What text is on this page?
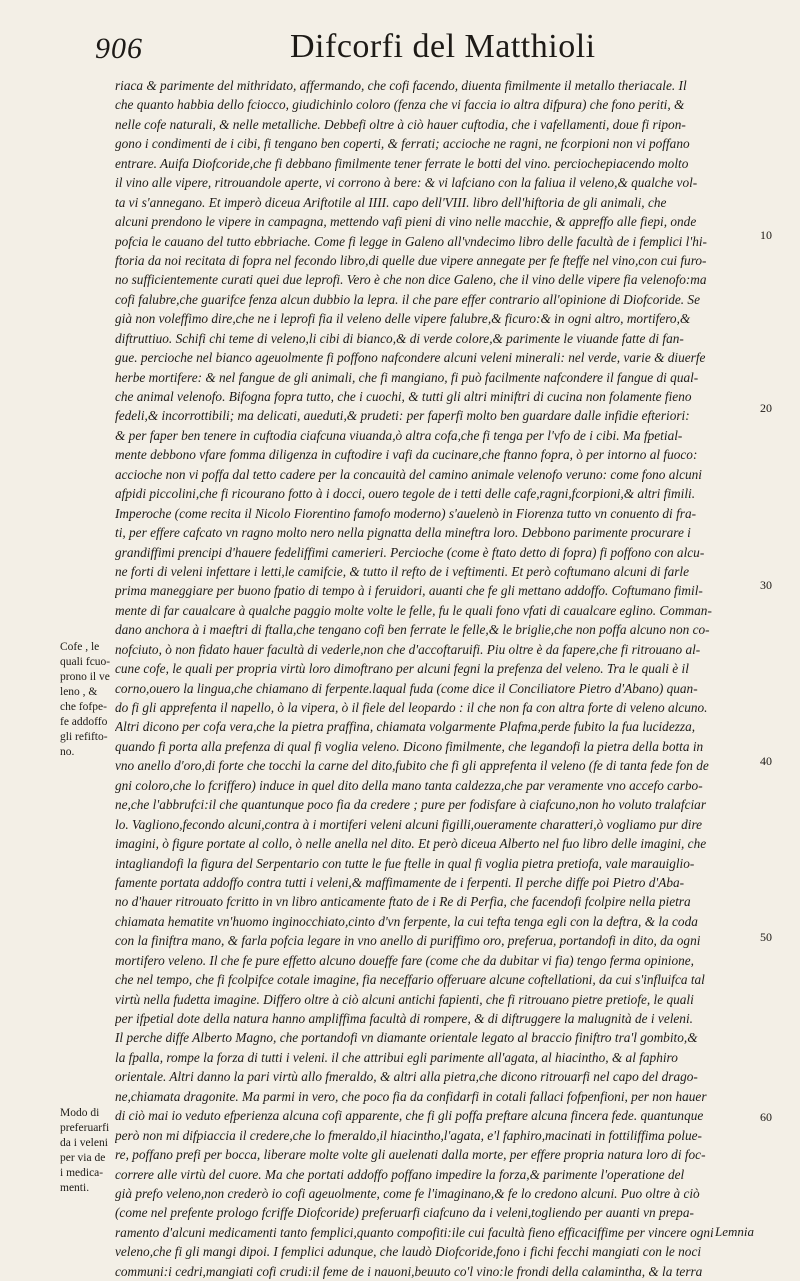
906	Difcorfi del Matthioli
riaca & parimente del mithridato, affermando, che cofi facendo, diuenta fimilmente il metallo theriacale. Il
che quanto habbia dello fciocco, giudichinlo coloro (fenza che vi faccia io altra difpura) che fono periti, &
nelle cofe naturali, & nelle metalliche. Debbefi oltre à ciò hauer cuftodia, che i vafellamenti, doue fi ripon-
gono i condimenti de i cibi, fi tengano ben coperti, & ferrati; accioche ne ragni, ne fcorpioni non vi poffano
entrare. Auifa Diofcoride,che fi debbano fimilmente tener ferrate le botti del vino. perciochepiacendo molto
il vino alle vipere, ritrouandole aperte, vi corrono à bere: & vi lafciano con la faliua il veleno,& qualche vol-
ta vi s'annegano. Et imperò diceua Ariftotile al IIII. capo dell'VIII. libro dell'hiftoria de gli animali, che
alcuni prendono le vipere in campagna, mettendo vafi pieni di vino nelle macchie, & appreffo alle fiepi, onde
pofcia le cauano del tutto ebbriache. Come fi legge in Galeno all'vndecimo libro delle facultà de i femplici l'hi-
ftoria da noi recitata di fopra nel fecondo libro,di quelle due vipere annegate per fe fteffe nel vino,con cui furo-
no sufficientemente curati quei due leprofi. Vero è che non dice Galeno, che il vino delle vipere fia velenofo:ma
cofi falubre,che guarifce fenza alcun dubbio la lepra. il che pare effer contrario all'opinione di Diofcoride. Se
già non voleffimo dire,che ne i leprofi fia il veleno delle vipere falubre,& ficuro:& in ogni altro, mortifero,&
diftruttiuo. Schifi chi teme di veleno,li cibi di bianco,& di verde colore,& parimente le viuande fatte di fan-
gue. percioche nel bianco ageuolmente fi poffono nafcondere alcuni veleni minerali: nel verde, varie & diuerfe
herbe mortifere: & nel fangue de gli animali, che fi mangiano, fi può facilmente nafcondere il fangue di qual-
che animal velenofo. Bifogna fopra tutto, che i cuochi, & tutti gli altri miniftri di cucina non folamente fieno
fedeli,& incorrottibili; ma delicati, aueduti,& prudeti: per faperfi molto ben guardare dalle infidie efteriori:
& per faper ben tenere in cuftodia ciafcuna viuanda,ò altra cofa,che fi tenga per l'vfo de i cibi. Ma fpetial-
mente debbono vfare fomma diligenza in cuftodire i vafi da cucinare,che ftanno fopra, ò per intorno al fuoco:
accioche non vi poffa dal tetto cadere per la concauità del camino animale velenofo veruno: come fono alcuni
afpidi piccolini,che fi ricourano fotto à i docci, ouero tegole de i tetti delle cafe,ragni,fcorpioni,& altri fimili.
Imperoche (come recita il Nicolo Fiorentino famofo moderno) s'auelenò in Fiorenza tutto vn conuento di fra-
ti, per effere cafcato vn ragno molto nero nella pignatta della mineftra loro. Debbono parimente procurare i
grandiffimi prencipi d'hauere fedeliffimi camerieri. Percioche (come è ftato detto di fopra) fi poffono con alcu-
ne forti di veleni infettare i letti,le camifcie, & tutto il refto de i veftimenti. Et però coftumano alcuni di farle
prima maneggiare per buono fpatio di tempo à i feruidori, auanti che fe gli mettano addoffo. Coftumano fimil-
mente di far caualcare à qualche paggio molte volte le felle, fu le quali fono vfati di caualcare eglino. Comman-
dano anchora à i maeftri di ftalla,che tengano cofi ben ferrate le felle,& le briglie,che non poffa alcuno non co-
nofciuto, ò non fidato hauer facultà di vederle,non che d'accoftaruifi. Piu oltre è da fapere,che fi ritrouano al-
cune cofe, le quali per propria virtù loro dimoftrano per alcuni fegni la prefenza del veleno. Tra le quali è il
corno,ouero la lingua,che chiamano di ferpente.laqual fuda (come dice il Conciliatore Pietro d'Abano) quan-
do fi gli apprefenta il napello, ò la vipera, ò il fiele del leopardo : il che non fa con altra forte di veleno alcuno.
Altri dicono per cofa vera,che la pietra praffina, chiamata volgarmente Plafma,perde fubito la fua lucidezza,
quando fi porta alla prefenza di qual fi voglia veleno. Dicono fimilmente, che legandofi la pietra della botta in
vno anello d'oro,di forte che tocchi la carne del dito,fubito che fi gli apprefenta il veleno (fe di tanta fede fon de
gni coloro,che lo fcriffero) induce in quel dito della mano tanta caldezza,che par veramente vno accefo carbo-
ne,che l'abbrufci:il che quantunque poco fia da credere ; pure per fodisfare à ciafcuno,non ho voluto tralafciar
lo. Vagliono,fecondo alcuni,contra à i mortiferi veleni alcuni figilli,oueramente charatteri,ò vogliamo pur dire
imagini, ò figure portate al collo, ò nelle anella nel dito. Et però diceua Alberto nel fuo libro delle imagini, che
intagliandofi la figura del Serpentario con tutte le fue ftelle in qual fi voglia pietra pretiofa, vale marauigliо-
famente portata addoffo contra tutti i veleni,& maffimamente de i ferpenti. Il perche diffe poi Pietro d'Aba-
no d'hauer ritrouato fcritto in vn libro anticamente ftato de i Re di Perfia, che facendofi fcolpire nella pietra
chiamata hematite vn'huomo inginocchiato,cinto d'vn ferpente, la cui tefta tenga egli con la deftra, & la coda
con la finiftra mano, & farla pofcia legare in vno anello di puriffimo oro, preferua, portandofi in dito, da ogni
mortifero veleno. Il che fe pure effetto alcuno doueffe fare (come che da dubitar vi fia) tengo ferma opinione,
che nel tempo, che fi fcolpifce cotale imagine, fia neceffario offeruare alcune coftellationi, da cui s'influifca tal
virtù nella fudetta imagine. Differo oltre à ciò alcuni antichi fapienti, che fi ritrouano pietre pretiofe, le quali
per ifpetial dote della natura hanno ampliffima facultà di rompere, & di diftruggere la malugnità de i veleni.
Il perche diffe Alberto Magno, che portandofi vn diamante orientale legato al braccio finiftro tra'l gombito,&
la fpalla, rompe la forza di tutti i veleni. il che attribui egli parimente all'agata, al hiacintho, & al faphiro
orientale. Altri danno la pari virtù allo fmeraldo, & altri alla pietra,che dicono ritrouarfi nel capo del drago-
ne,chiamata dragonite. Ma parmi in vero, che poco fia da confidarfi in cotali fallaci fofpenfioni, per non hauer
di ciò mai io veduto efperienza alcuna cofi apparente, che fi gli poffa preftare alcuna fincera fede. quantunque
però non mi difpiaccia il credere,che lo fmeraldo,il hiacintho,l'agata, e'l faphiro,macinati in fottiliffima polue-
re, poffano prefi per bocca, liberare molte volte gli auelenati dalla morte, per effere propria natura loro di foc-
correre alle virtù del cuore. Ma che portati addoffo poffano impedire la forza,& parimente l'operatione del
già prefo veleno,non crederò io cofi ageuolmente, come fe l'imaginano,& fe lo credono alcuni. Puo oltre à ciò
(come nel prefente prologo fcriffe Diofcoride) preferuarfi ciafcuno da i veleni,togliendo per auanti vn prepa-
ramento d'alcuni medicamenti tanto femplici,quanto compofiti:ile cui facultà fieno efficaciffime per vincere ogni
veleno,che fi gli mangi dipoi. I femplici adunque, che laudò Diofcoride,fono i fichi fecchi mangiati con le noci
communi:i cedri,mangiati cofi crudi:il feme de i nauoni,beuuto co'l vino:le frondi della calaminthа, & la terra
Cofe , le
quali fcuo-
prono il ve
leno , &
che fofpe-
fe addoffo
gli refifto-
no.
Modo di
preferuarfi
da i veleni
per via de
i medica-
menti.
10
20
30
40
50
60
Lemnia
